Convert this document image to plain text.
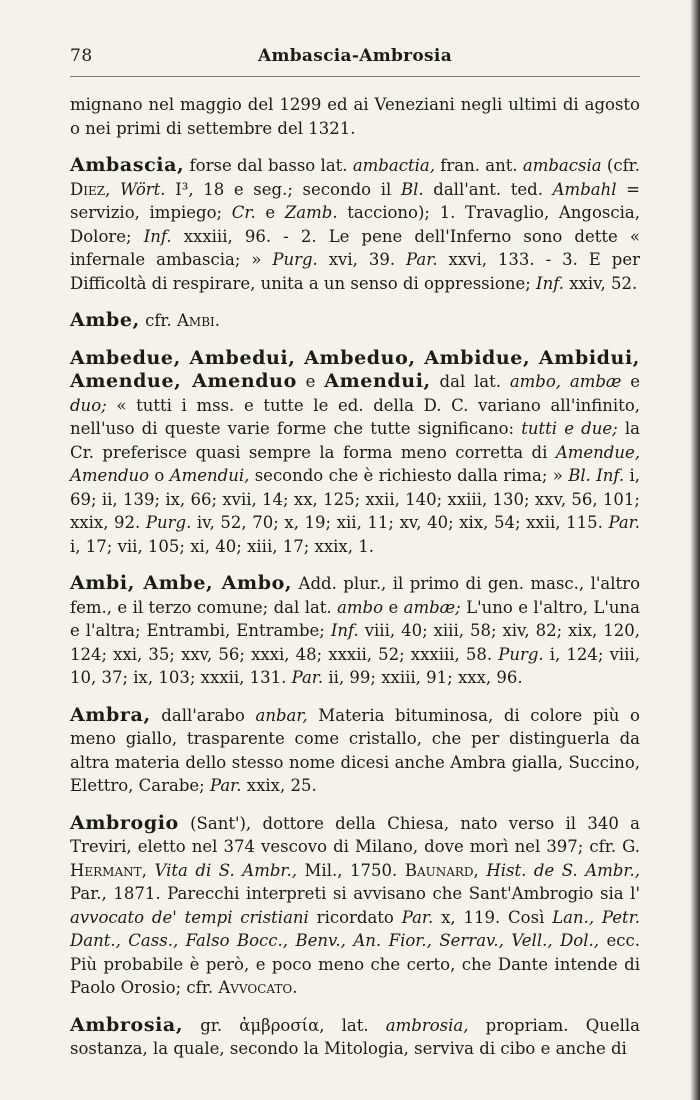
78	Ambascia-Ambrosia

mignano nel maggio del 1299 ed ai Veneziani negli ultimi di agosto o nei primi di settembre del 1321.

Ambascia, forse dal basso lat. ambactia, fran. ant. ambacsia (cfr. Diez, Wört. I³, 18 e seg.; secondo il Bl. dall'ant. ted. Ambahl = servizio, impiego; Cr. e Zamb. tacciono); 1. Travaglio, Angoscia, Dolore; Inf. xxxiii, 96. - 2. Le pene dell'Inferno sono dette « infernale ambascia; » Purg. xvi, 39. Par. xxvi, 133. - 3. E per Difficoltà di respirare, unita a un senso di oppressione; Inf. xxiv, 52.

Ambe, cfr. Ambi.

Ambedue, Ambedui, Ambeduo, Ambidue, Ambidui, Amendue, Amenduo e Amendui, dal lat. ambo, ambæ e duo; « tutti i mss. e tutte le ed. della D. C. variano all'infinito, nell'uso di queste varie forme che tutte significano: tutti e due; la Cr. preferisce quasi sempre la forma meno corretta di Amendue, Amenduo o Amendui, secondo che è richiesto dalla rima; » Bl. Inf. i, 69; ii, 139; ix, 66; xvii, 14; xx, 125; xxii, 140; xxiii, 130; xxv, 56, 101; xxix, 92. Purg. iv, 52, 70; x, 19; xii, 11; xv, 40; xix, 54; xxii, 115. Par. i, 17; vii, 105; xi, 40; xiii, 17; xxix, 1.

Ambi, Ambe, Ambo, Add. plur., il primo di gen. masc., l'altro fem., e il terzo comune; dal lat. ambo e ambæ; L'uno e l'altro, L'una e l'altra; Entrambi, Entrambe; Inf. viii, 40; xiii, 58; xiv, 82; xix, 120, 124; xxi, 35; xxv, 56; xxxi, 48; xxxii, 52; xxxiii, 58. Purg. i, 124; viii, 10, 37; ix, 103; xxxii, 131. Par. ii, 99; xxiii, 91; xxx, 96.

Ambra, dall'arabo anbar, Materia bituminosa, di colore più o meno giallo, trasparente come cristallo, che per distinguerla da altra materia dello stesso nome dicesi anche Ambra gialla, Succino, Elettro, Carabe; Par. xxix, 25.

Ambrogio (Sant'), dottore della Chiesa, nato verso il 340 a Treviri, eletto nel 374 vescovo di Milano, dove morì nel 397; cfr. G. Hermant, Vita di S. Ambr., Mil., 1750. Baunard, Hist. de S. Ambr., Par., 1871. Parecchi interpreti si avvisano che Sant'Ambrogio sia l' avvocato de' tempi cristiani ricordato Par. x, 119. Così Lan., Petr. Dant., Cass., Falso Bocc., Benv., An. Fior., Serrav., Vell., Dol., ecc. Più probabile è però, e poco meno che certo, che Dante intende di Paolo Orosio; cfr. Avvocato.

Ambrosia, gr. ἀμβροσία, lat. ambrosia, propriam. Quella sostanza, la quale, secondo la Mitologia, serviva di cibo e anche di
